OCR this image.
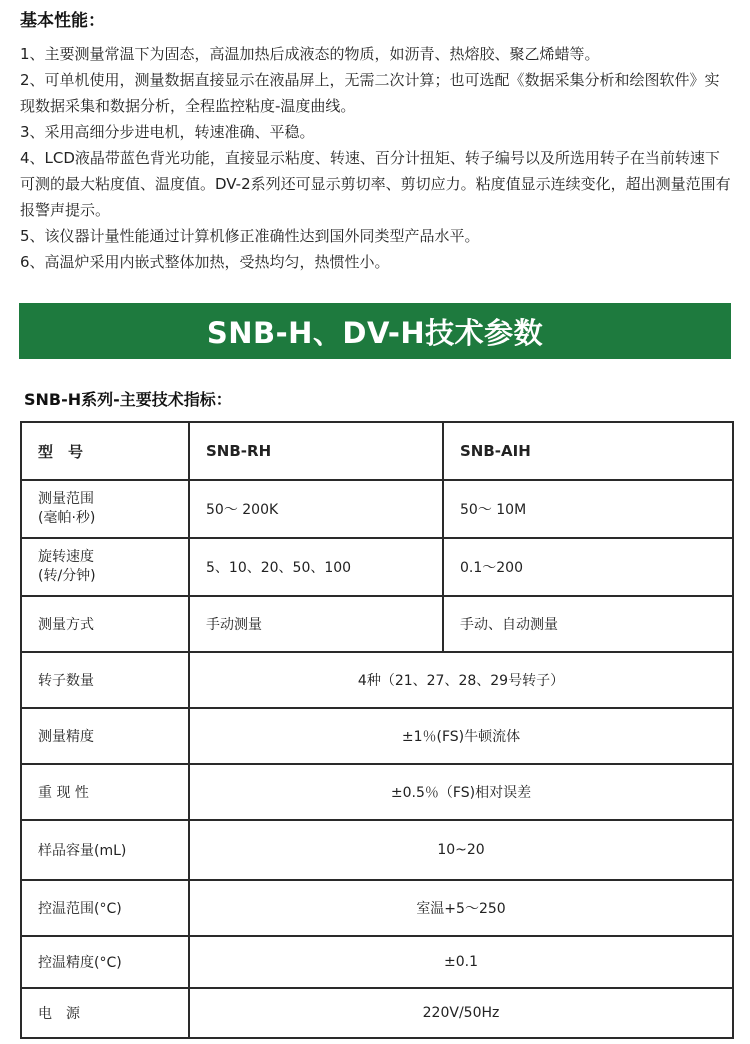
基本性能：

1、主要测量常温下为固态，高温加热后成液态的物质，如沥青、热熔胶、聚乙烯蜡等。

2、可单机使用，测量数据直接显示在液晶屏上，无需二次计算；也可选配《数据采集分析和绘图软件》实现数据采集和数据分析，全程监控粘度-温度曲线。

3、采用高细分步进电机，转速准确、平稳。

4、LCD液晶带蓝色背光功能，直接显示粘度、转速、百分计扭矩、转子编号以及所选用转子在当前转速下可测的最大粘度值、温度值。DV-2系列还可显示剪切率、剪切应力。粘度值显示连续变化，超出测量范围有报警声提示。

5、该仪器计量性能通过计算机修正准确性达到国外同类型产品水平。

6、高温炉采用内嵌式整体加热，受热均匀，热惯性小。

SNB-H、DV-H技术参数
SNB-H系列-主要技术指标：
型　号	SNB-RH	SNB-AIH

测量范围
(毫帕·秒)	50～ 200K	50～ 10M

旋转速度
(转/分钟)	5、10、20、50、100	0.1～200
测量方式	手动测量	手动、自动测量
转子数量	4种（21、27、28、29号转子）	
测量精度	±1％(FS)牛顿流体	
重 现 性	±0.5％（FS)相对误差	
样品容量(mL)	10~20	
控温范围(°C)	室温+5～250	
控温精度(°C)	±0.1	
电　源	220V/50Hz	
